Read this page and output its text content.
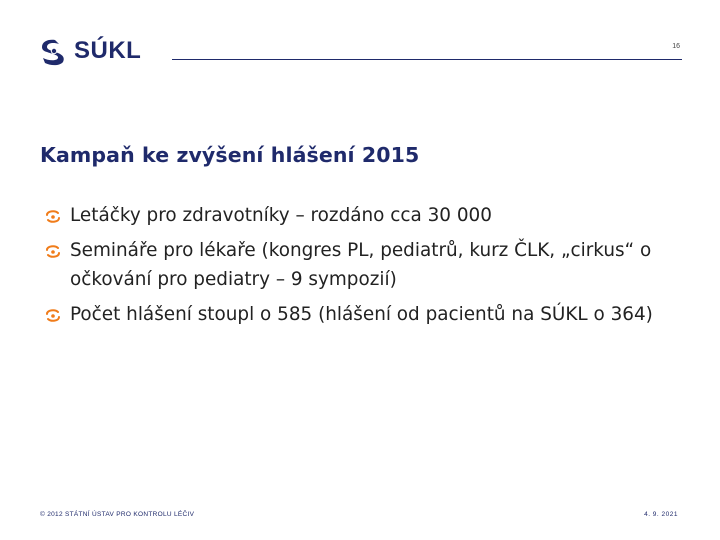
SÚKL	16
Kampaň ke zvýšení hlášení 2015
Letáčky pro zdravotníky – rozdáno cca 30 000
Semináře pro lékaře (kongres PL, pediatrů, kurz ČLK, „cirkus“ o očkování pro pediatry – 9 sympozií)
Počet hlášení stoupl o 585 (hlášení od pacientů na SÚKL o 364)
© 2012 STÁTNÍ ÚSTAV PRO KONTROLU LÉČIV	4. 9. 2021
